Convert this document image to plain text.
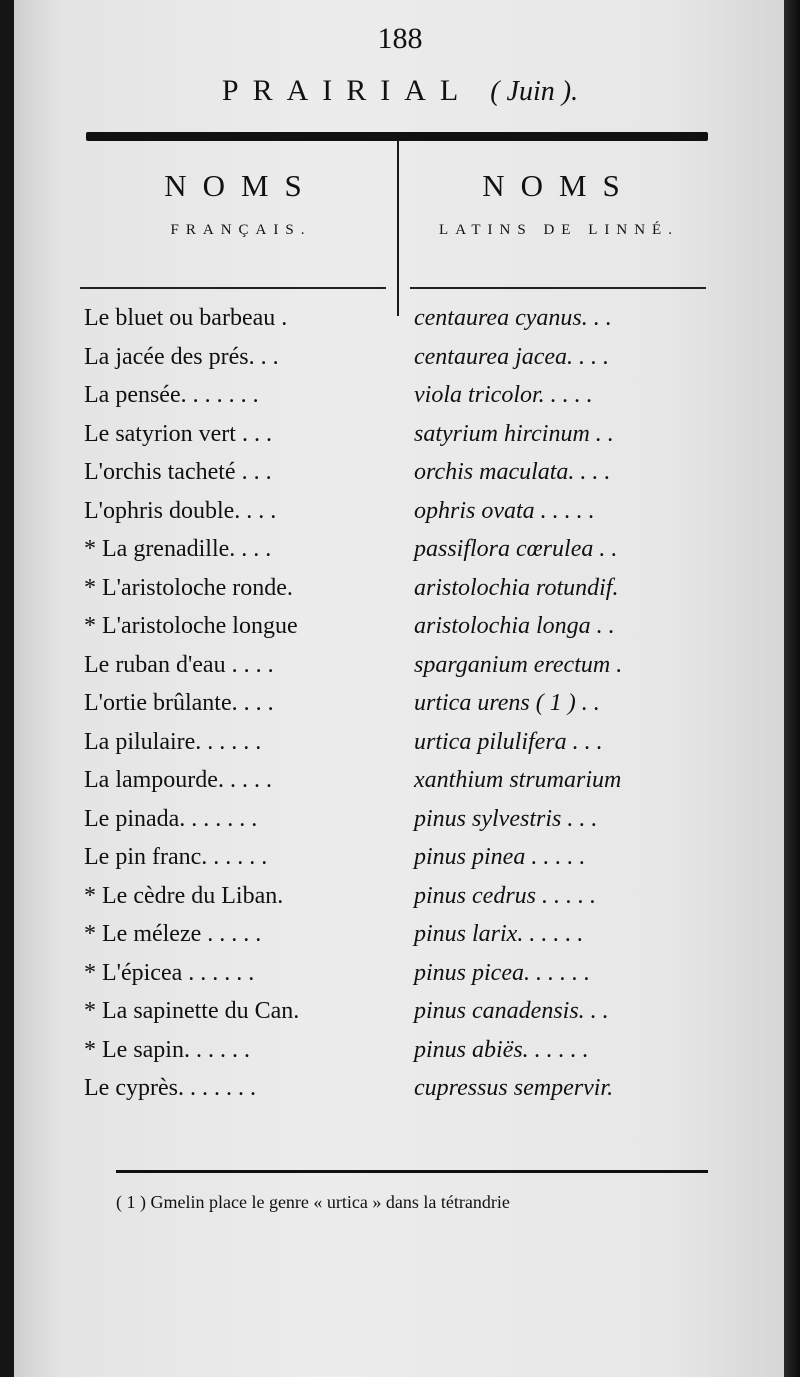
188
PRAIRIAL ( Juin ).
NOMS
FRANÇAIS.
NOMS
LATINS DE LINNÉ.
Le bluet ou barbeau .	centaurea cyanus. . .
La jacée des prés. . .	centaurea jacea. . . .
La pensée. . . . . . .	viola tricolor. . . . .
Le satyrion vert . . .	satyrium hircinum . .
L'orchis tacheté . . .	orchis maculata. . . .
L'ophris double. . . .	ophris ovata . . . . .
* La grenadille. . . .	passiflora cœrulea . .
* L'aristoloche ronde.	aristolochia rotundif.
* L'aristoloche longue	aristolochia longa . .
Le ruban d'eau . . . .	sparganium erectum .
L'ortie brûlante. . . .	urtica urens ( 1 ) . .
La pilulaire. . . . . .	urtica pilulifera . . .
La lampourde. . . . .	xanthium strumarium
Le pinada. . . . . . .	pinus sylvestris . . .
Le pin franc. . . . . .	pinus pinea . . . . .
* Le cèdre du Liban.	pinus cedrus . . . . .
* Le méleze . . . . .	pinus larix. . . . . .
* L'épicea . . . . . .	pinus picea. . . . . .
* La sapinette du Can.	pinus canadensis. . .
* Le sapin. . . . . .	pinus abiës. . . . . .
Le cyprès. . . . . . .	cupressus sempervir.
( 1 ) Gmelin place le genre « urtica » dans la tétrandrie
